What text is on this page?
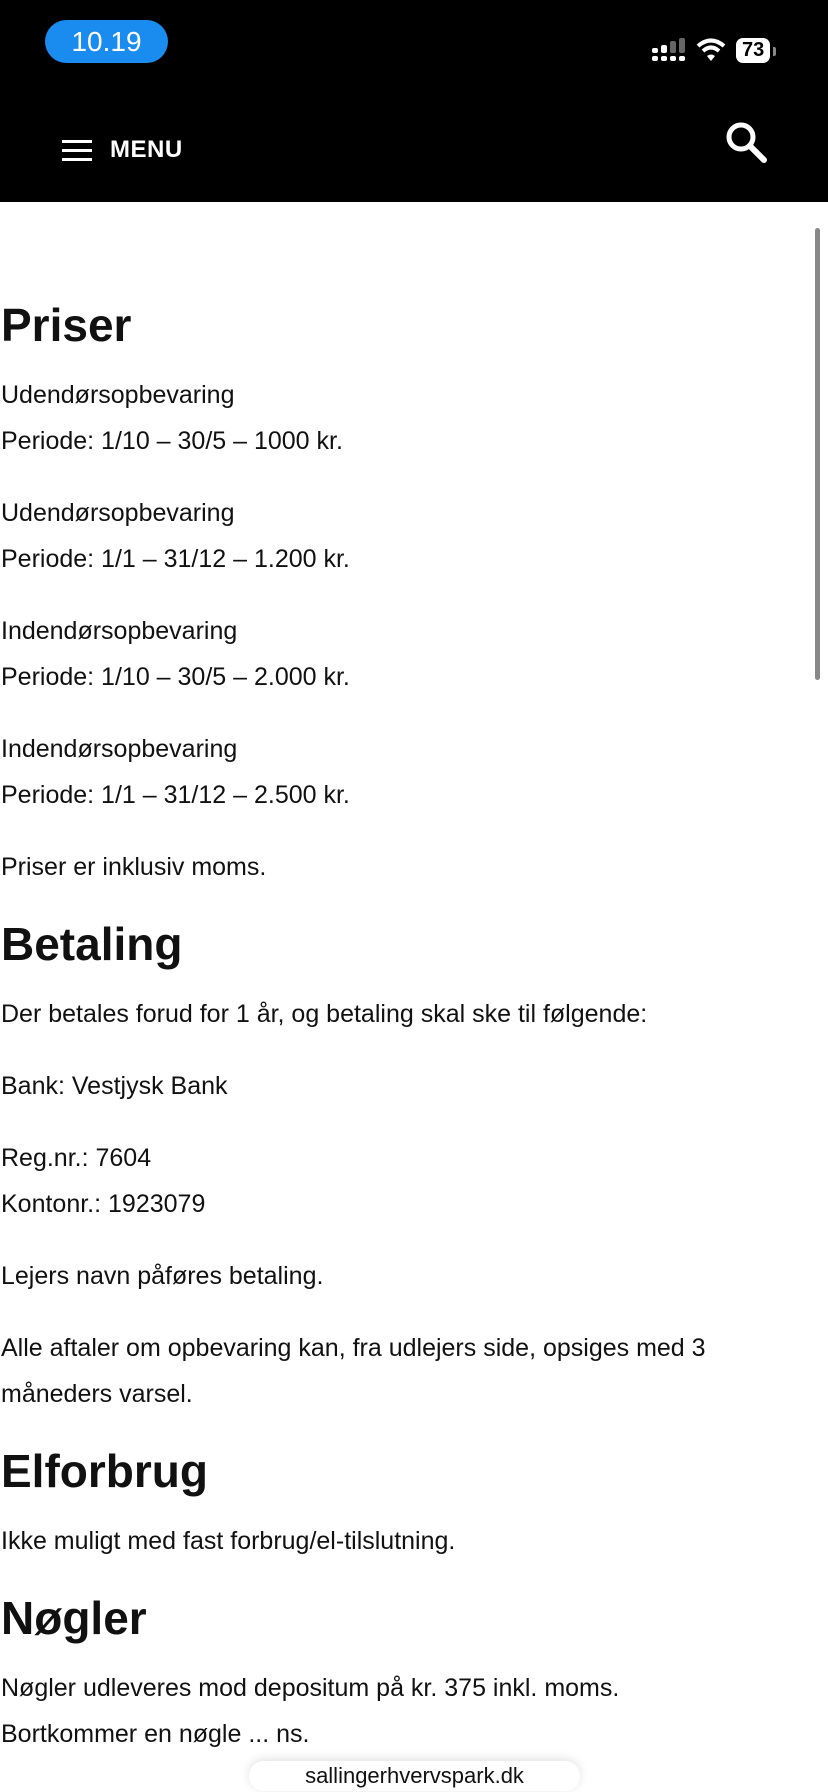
10.19	73
MENU
Priser

Udendørsopbevaring
Periode: 1/10 – 30/5 – 1000 kr.

Udendørsopbevaring
Periode: 1/1 – 31/12 – 1.200 kr.

Indendørsopbevaring
Periode: 1/10 – 30/5 – 2.000 kr.

Indendørsopbevaring
Periode: 1/1 – 31/12 – 2.500 kr.

Priser er inklusiv moms.

Betaling

Der betales forud for 1 år, og betaling skal ske til følgende:

Bank: Vestjysk Bank

Reg.nr.: 7604
Kontonr.: 1923079

Lejers navn påføres betaling.

Alle aftaler om opbevaring kan, fra udlejers side, opsiges med 3 måneders varsel.

Elforbrug

Ikke muligt med fast forbrug/el-tilslutning.

Nøgler

Nøgler udleveres mod depositum på kr. 375 inkl. moms.
Bortkommer en nøgle ... ns.

sallingerhvervspark.dk
